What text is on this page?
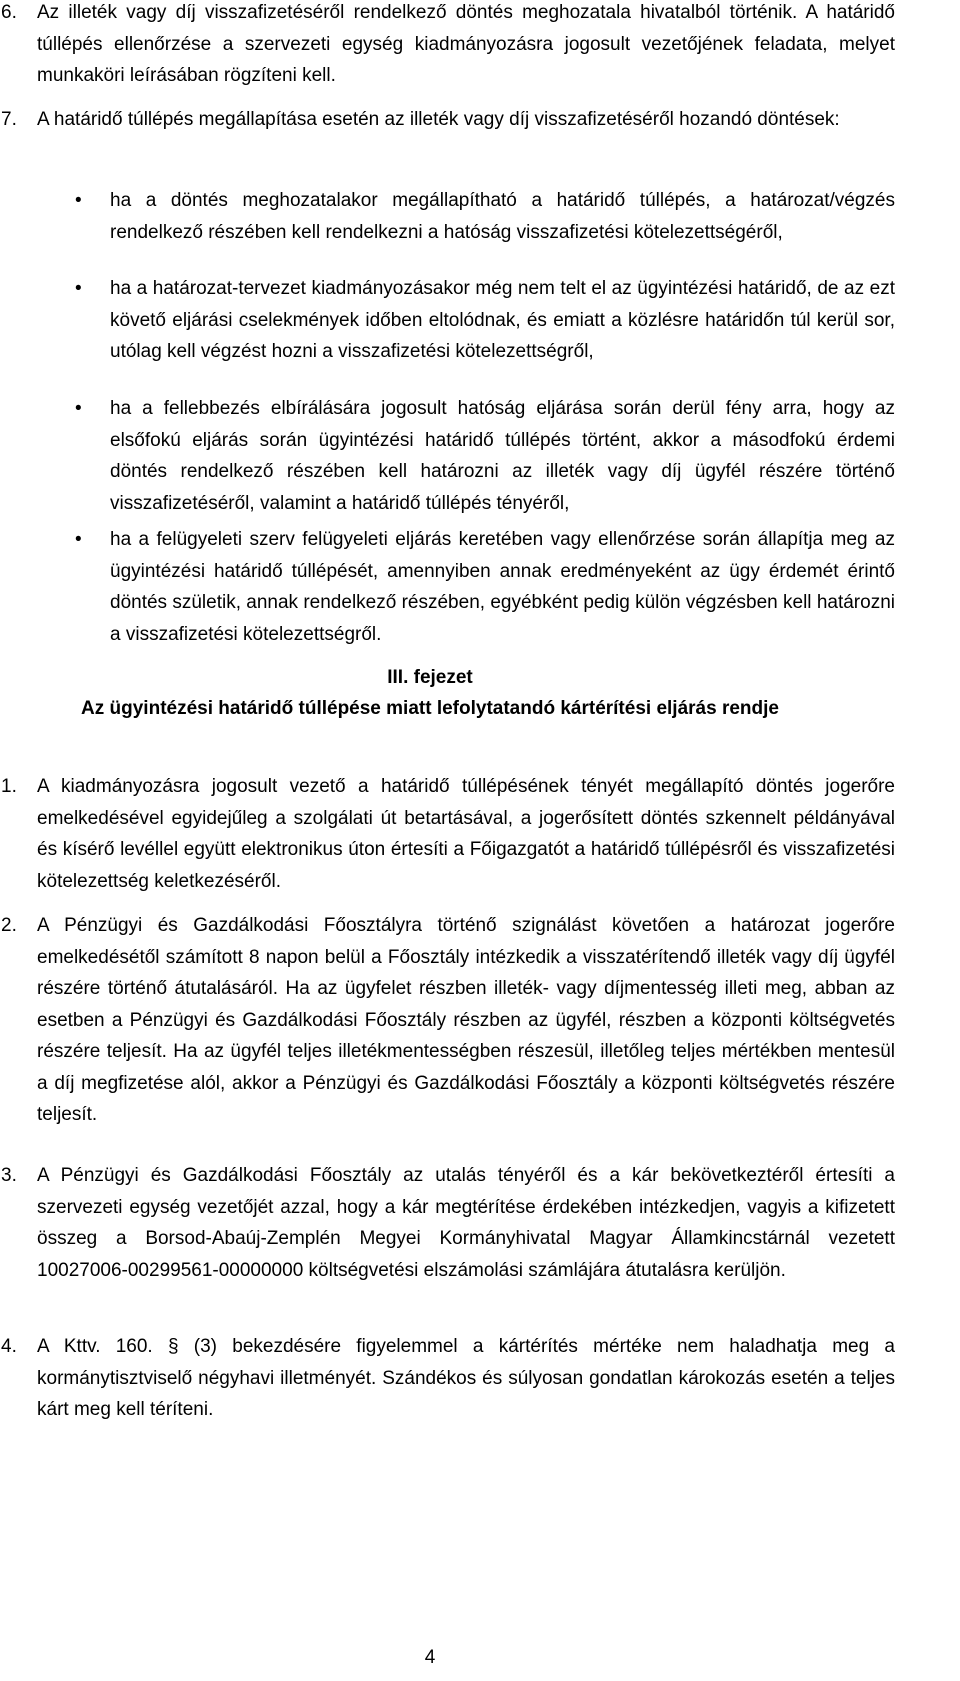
6. Az illeték vagy díj visszafizetéséről rendelkező döntés meghozatala hivatalból történik. A határidő túllépés ellenőrzése a szervezeti egység kiadmányozásra jogosult vezetőjének feladata, melyet munkaköri leírásában rögzíteni kell.

7. A határidő túllépés megállapítása esetén az illeték vagy díj visszafizetéséről hozandó döntések:

• ha a döntés meghozatalakor megállapítható a határidő túllépés, a határozat/végzés rendelkező részében kell rendelkezni a hatóság visszafizetési kötelezettségéről,

• ha a határozat-tervezet kiadmányozásakor még nem telt el az ügyintézési határidő, de az ezt követő eljárási cselekmények időben eltolódnak, és emiatt a közlésre határidőn túl kerül sor, utólag kell végzést hozni a visszafizetési kötelezettségről,

• ha a fellebbezés elbírálására jogosult hatóság eljárása során derül fény arra, hogy az elsőfokú eljárás során ügyintézési határidő túllépés történt, akkor a másodfokú érdemi döntés rendelkező részében kell határozni az illeték vagy díj ügyfél részére történő visszafizetéséről, valamint a határidő túllépés tényéről,

• ha a felügyeleti szerv felügyeleti eljárás keretében vagy ellenőrzése során állapítja meg az ügyintézési határidő túllépését, amennyiben annak eredményeként az ügy érdemét érintő döntés születik, annak rendelkező részében, egyébként pedig külön végzésben kell határozni a visszafizetési kötelezettségről.

III. fejezet
Az ügyintézési határidő túllépése miatt lefolytatandó kártérítési eljárás rendje
1. A kiadmányozásra jogosult vezető a határidő túllépésének tényét megállapító döntés jogerőre emelkedésével egyidejűleg a szolgálati út betartásával, a jogerősített döntés szkennelt példányával és kísérő levéllel együtt elektronikus úton értesíti a Főigazgatót a határidő túllépésről és visszafizetési kötelezettség keletkezéséről.

2. A Pénzügyi és Gazdálkodási Főosztályra történő szignálást követően a határozat jogerőre emelkedésétől számított 8 napon belül a Főosztály intézkedik a visszatérítendő illeték vagy díj ügyfél részére történő átutalásáról. Ha az ügyfelet részben illeték- vagy díjmentesség illeti meg, abban az esetben a Pénzügyi és Gazdálkodási Főosztály részben az ügyfél, részben a központi költségvetés részére teljesít. Ha az ügyfél teljes illetékmentességben részesül, illetőleg teljes mértékben mentesül a díj megfizetése alól, akkor a Pénzügyi és Gazdálkodási Főosztály a központi költségvetés részére teljesít.

3. A Pénzügyi és Gazdálkodási Főosztály az utalás tényéről és a kár bekövetkeztéről értesíti a szervezeti egység vezetőjét azzal, hogy a kár megtérítése érdekében intézkedjen, vagyis a kifizetett összeg a Borsod-Abaúj-Zemplén Megyei Kormányhivatal Magyar Államkincstárnál vezetett 10027006-00299561-00000000 költségvetési elszámolási számlájára átutalásra kerüljön.

4. A Kttv. 160. § (3) bekezdésére figyelemmel a kártérítés mértéke nem haladhatja meg a kormánytisztviselő négyhavi illetményét. Szándékos és súlyosan gondatlan károkozás esetén a teljes kárt meg kell téríteni.

4
